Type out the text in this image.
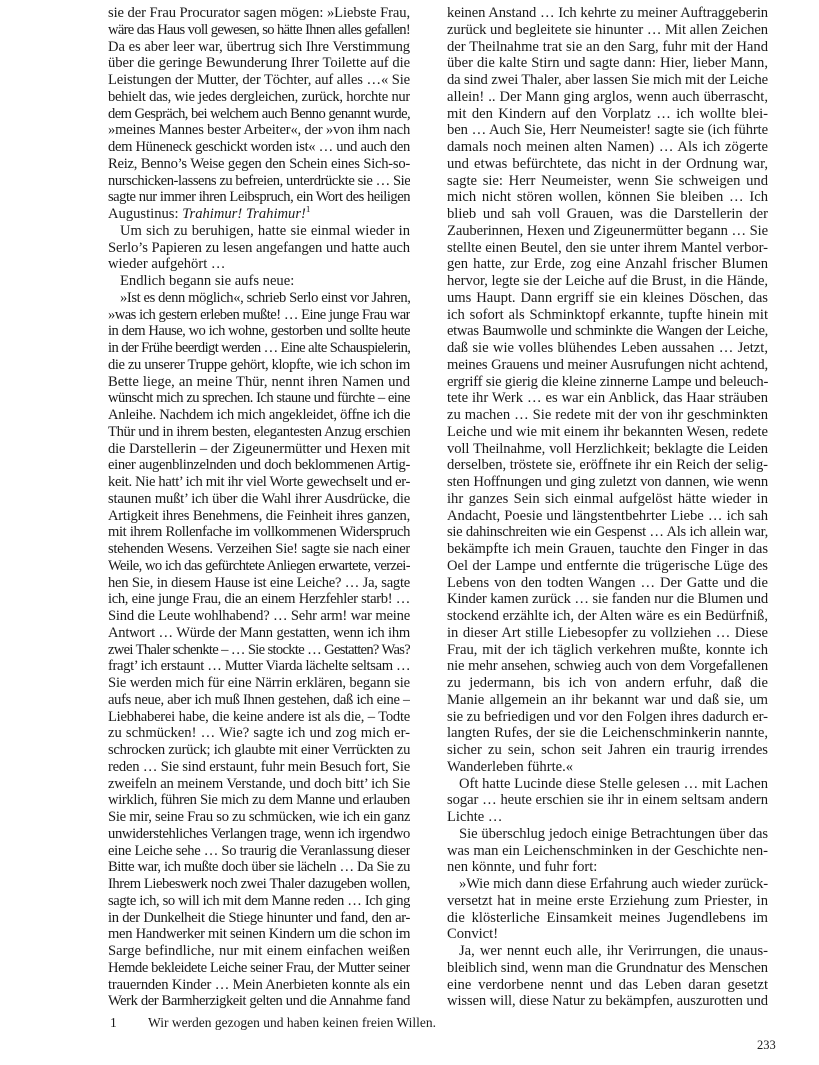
sie der Frau Procurator sagen mögen: »Liebste Frau,
wäre das Haus voll gewesen, so hätte Ihnen alles gefallen!
Da es aber leer war, übertrug sich Ihre Verstimmung
über die geringe Bewunderung Ihrer Toilette auf die
Leistungen der Mutter, der Töchter, auf alles …« Sie
behielt das, wie jedes dergleichen, zurück, horchte nur
dem Gespräch, bei welchem auch Benno genannt wurde,
»meines Mannes bester Arbeiter«, der »von ihm nach
dem Hüneneck geschickt worden ist« … und auch den
Reiz, Benno’s Weise gegen den Schein eines Sich-so-
nurschicken-lassens zu befreien, unterdrückte sie … Sie
sagte nur immer ihren Leibspruch, ein Wort des heiligen
Augustinus: Trahimur! Trahimur!$^1$
Um sich zu beruhigen, hatte sie einmal wieder in
Serlo’s Papieren zu lesen angefangen und hatte auch
wieder aufgehört …
Endlich begann sie aufs neue:
»Ist es denn möglich«, schrieb Serlo einst vor Jahren,
»was ich gestern erleben mußte! … Eine junge Frau war
in dem Hause, wo ich wohne, gestorben und sollte heute
in der Frühe beerdigt werden … Eine alte Schauspielerin,
die zu unserer Truppe gehört, klopfte, wie ich schon im
Bette liege, an meine Thür, nennt ihren Namen und
wünscht mich zu sprechen. Ich staune und fürchte – eine
Anleihe. Nachdem ich mich angekleidet, öffne ich die
Thür und in ihrem besten, elegantesten Anzug erschien
die Darstellerin – der Zigeunermütter und Hexen mit
einer augenblinzelnden und doch beklommenen Artig-
keit. Nie hatt’ ich mit ihr viel Worte gewechselt und er-
staunen mußt’ ich über die Wahl ihrer Ausdrücke, die
Artigkeit ihres Benehmens, die Feinheit ihres ganzen,
mit ihrem Rollenfache im vollkommenen Widerspruch
stehenden Wesens. Verzeihen Sie! sagte sie nach einer
Weile, wo ich das gefürchtete Anliegen erwartete, verzei-
hen Sie, in diesem Hause ist eine Leiche? … Ja, sagte
ich, eine junge Frau, die an einem Herzfehler starb! …
Sind die Leute wohlhabend? … Sehr arm! war meine
Antwort … Würde der Mann gestatten, wenn ich ihm
zwei Thaler schenkte – … Sie stockte … Gestatten? Was?
fragt’ ich erstaunt … Mutter Viarda lächelte seltsam …
Sie werden mich für eine Närrin erklären, begann sie
aufs neue, aber ich muß Ihnen gestehen, daß ich eine –
Liebhaberei habe, die keine andere ist als die, – Todte
zu schmücken! … Wie? sagte ich und zog mich er-
schrocken zurück; ich glaubte mit einer Verrückten zu
reden … Sie sind erstaunt, fuhr mein Besuch fort, Sie
zweifeln an meinem Verstande, und doch bitt’ ich Sie
wirklich, führen Sie mich zu dem Manne und erlauben
Sie mir, seine Frau so zu schmücken, wie ich ein ganz
unwiderstehliches Verlangen trage, wenn ich irgendwo
eine Leiche sehe … So traurig die Veranlassung dieser
Bitte war, ich mußte doch über sie lächeln … Da Sie zu
Ihrem Liebeswerk noch zwei Thaler dazugeben wollen,
sagte ich, so will ich mit dem Manne reden … Ich ging
in der Dunkelheit die Stiege hinunter und fand, den ar-
men Handwerker mit seinen Kindern um die schon im
Sarge befindliche, nur mit einem einfachen weißen
Hemde bekleidete Leiche seiner Frau, der Mutter seiner
trauernden Kinder … Mein Anerbieten konnte als ein
Werk der Barmherzigkeit gelten und die Annahme fand
keinen Anstand … Ich kehrte zu meiner Auftraggeberin
zurück und begleitete sie hinunter … Mit allen Zeichen
der Theilnahme trat sie an den Sarg, fuhr mit der Hand
über die kalte Stirn und sagte dann: Hier, lieber Mann,
da sind zwei Thaler, aber lassen Sie mich mit der Leiche
allein! .. Der Mann ging arglos, wenn auch überrascht,
mit den Kindern auf den Vorplatz … ich wollte blei-
ben … Auch Sie, Herr Neumeister! sagte sie (ich führte
damals noch meinen alten Namen) … Als ich zögerte
und etwas befürchtete, das nicht in der Ordnung war,
sagte sie: Herr Neumeister, wenn Sie schweigen und
mich nicht stören wollen, können Sie bleiben … Ich
blieb und sah voll Grauen, was die Darstellerin der
Zauberinnen, Hexen und Zigeunermütter begann … Sie
stellte einen Beutel, den sie unter ihrem Mantel verbor-
gen hatte, zur Erde, zog eine Anzahl frischer Blumen
hervor, legte sie der Leiche auf die Brust, in die Hände,
ums Haupt. Dann ergriff sie ein kleines Döschen, das
ich sofort als Schminktopf erkannte, tupfte hinein mit
etwas Baumwolle und schminkte die Wangen der Leiche,
daß sie wie volles blühendes Leben aussahen … Jetzt,
meines Grauens und meiner Ausrufungen nicht achtend,
ergriff sie gierig die kleine zinnerne Lampe und beleuch-
tete ihr Werk … es war ein Anblick, das Haar sträuben
zu machen … Sie redete mit der von ihr geschminkten
Leiche und wie mit einem ihr bekannten Wesen, redete
voll Theilnahme, voll Herzlichkeit; beklagte die Leiden
derselben, tröstete sie, eröffnete ihr ein Reich der selig-
sten Hoffnungen und ging zuletzt von dannen, wie wenn
ihr ganzes Sein sich einmal aufgelöst hätte wieder in
Andacht, Poesie und längstentbehrter Liebe … ich sah
sie dahinschreiten wie ein Gespenst … Als ich allein war,
bekämpfte ich mein Grauen, tauchte den Finger in das
Oel der Lampe und entfernte die trügerische Lüge des
Lebens von den todten Wangen … Der Gatte und die
Kinder kamen zurück … sie fanden nur die Blumen und
stockend erzählte ich, der Alten wäre es ein Bedürfniß,
in dieser Art stille Liebesopfer zu vollziehen … Diese
Frau, mit der ich täglich verkehren mußte, konnte ich
nie mehr ansehen, schwieg auch von dem Vorgefallenen
zu jedermann, bis ich von andern erfuhr, daß die
Manie allgemein an ihr bekannt war und daß sie, um
sie zu befriedigen und vor den Folgen ihres dadurch er-
langten Rufes, der sie die Leichenschminkerin nannte,
sicher zu sein, schon seit Jahren ein traurig irrendes
Wanderleben führte.«
Oft hatte Lucinde diese Stelle gelesen … mit Lachen
sogar … heute erschien sie ihr in einem seltsam andern
Lichte …
Sie überschlug jedoch einige Betrachtungen über das
was man ein Leichenschminken in der Geschichte nen-
nen könnte, und fuhr fort:
»Wie mich dann diese Erfahrung auch wieder zurück-
versetzt hat in meine erste Erziehung zum Priester, in
die klösterliche Einsamkeit meines Jugendlebens im
Convict!
Ja, wer nennt euch alle, ihr Verirrungen, die unaus-
bleiblich sind, wenn man die Grundnatur des Menschen
eine verdorbene nennt und das Leben daran gesetzt
wissen will, diese Natur zu bekämpfen, auszurotten und
1 Wir werden gezogen und haben keinen freien Willen.
233
